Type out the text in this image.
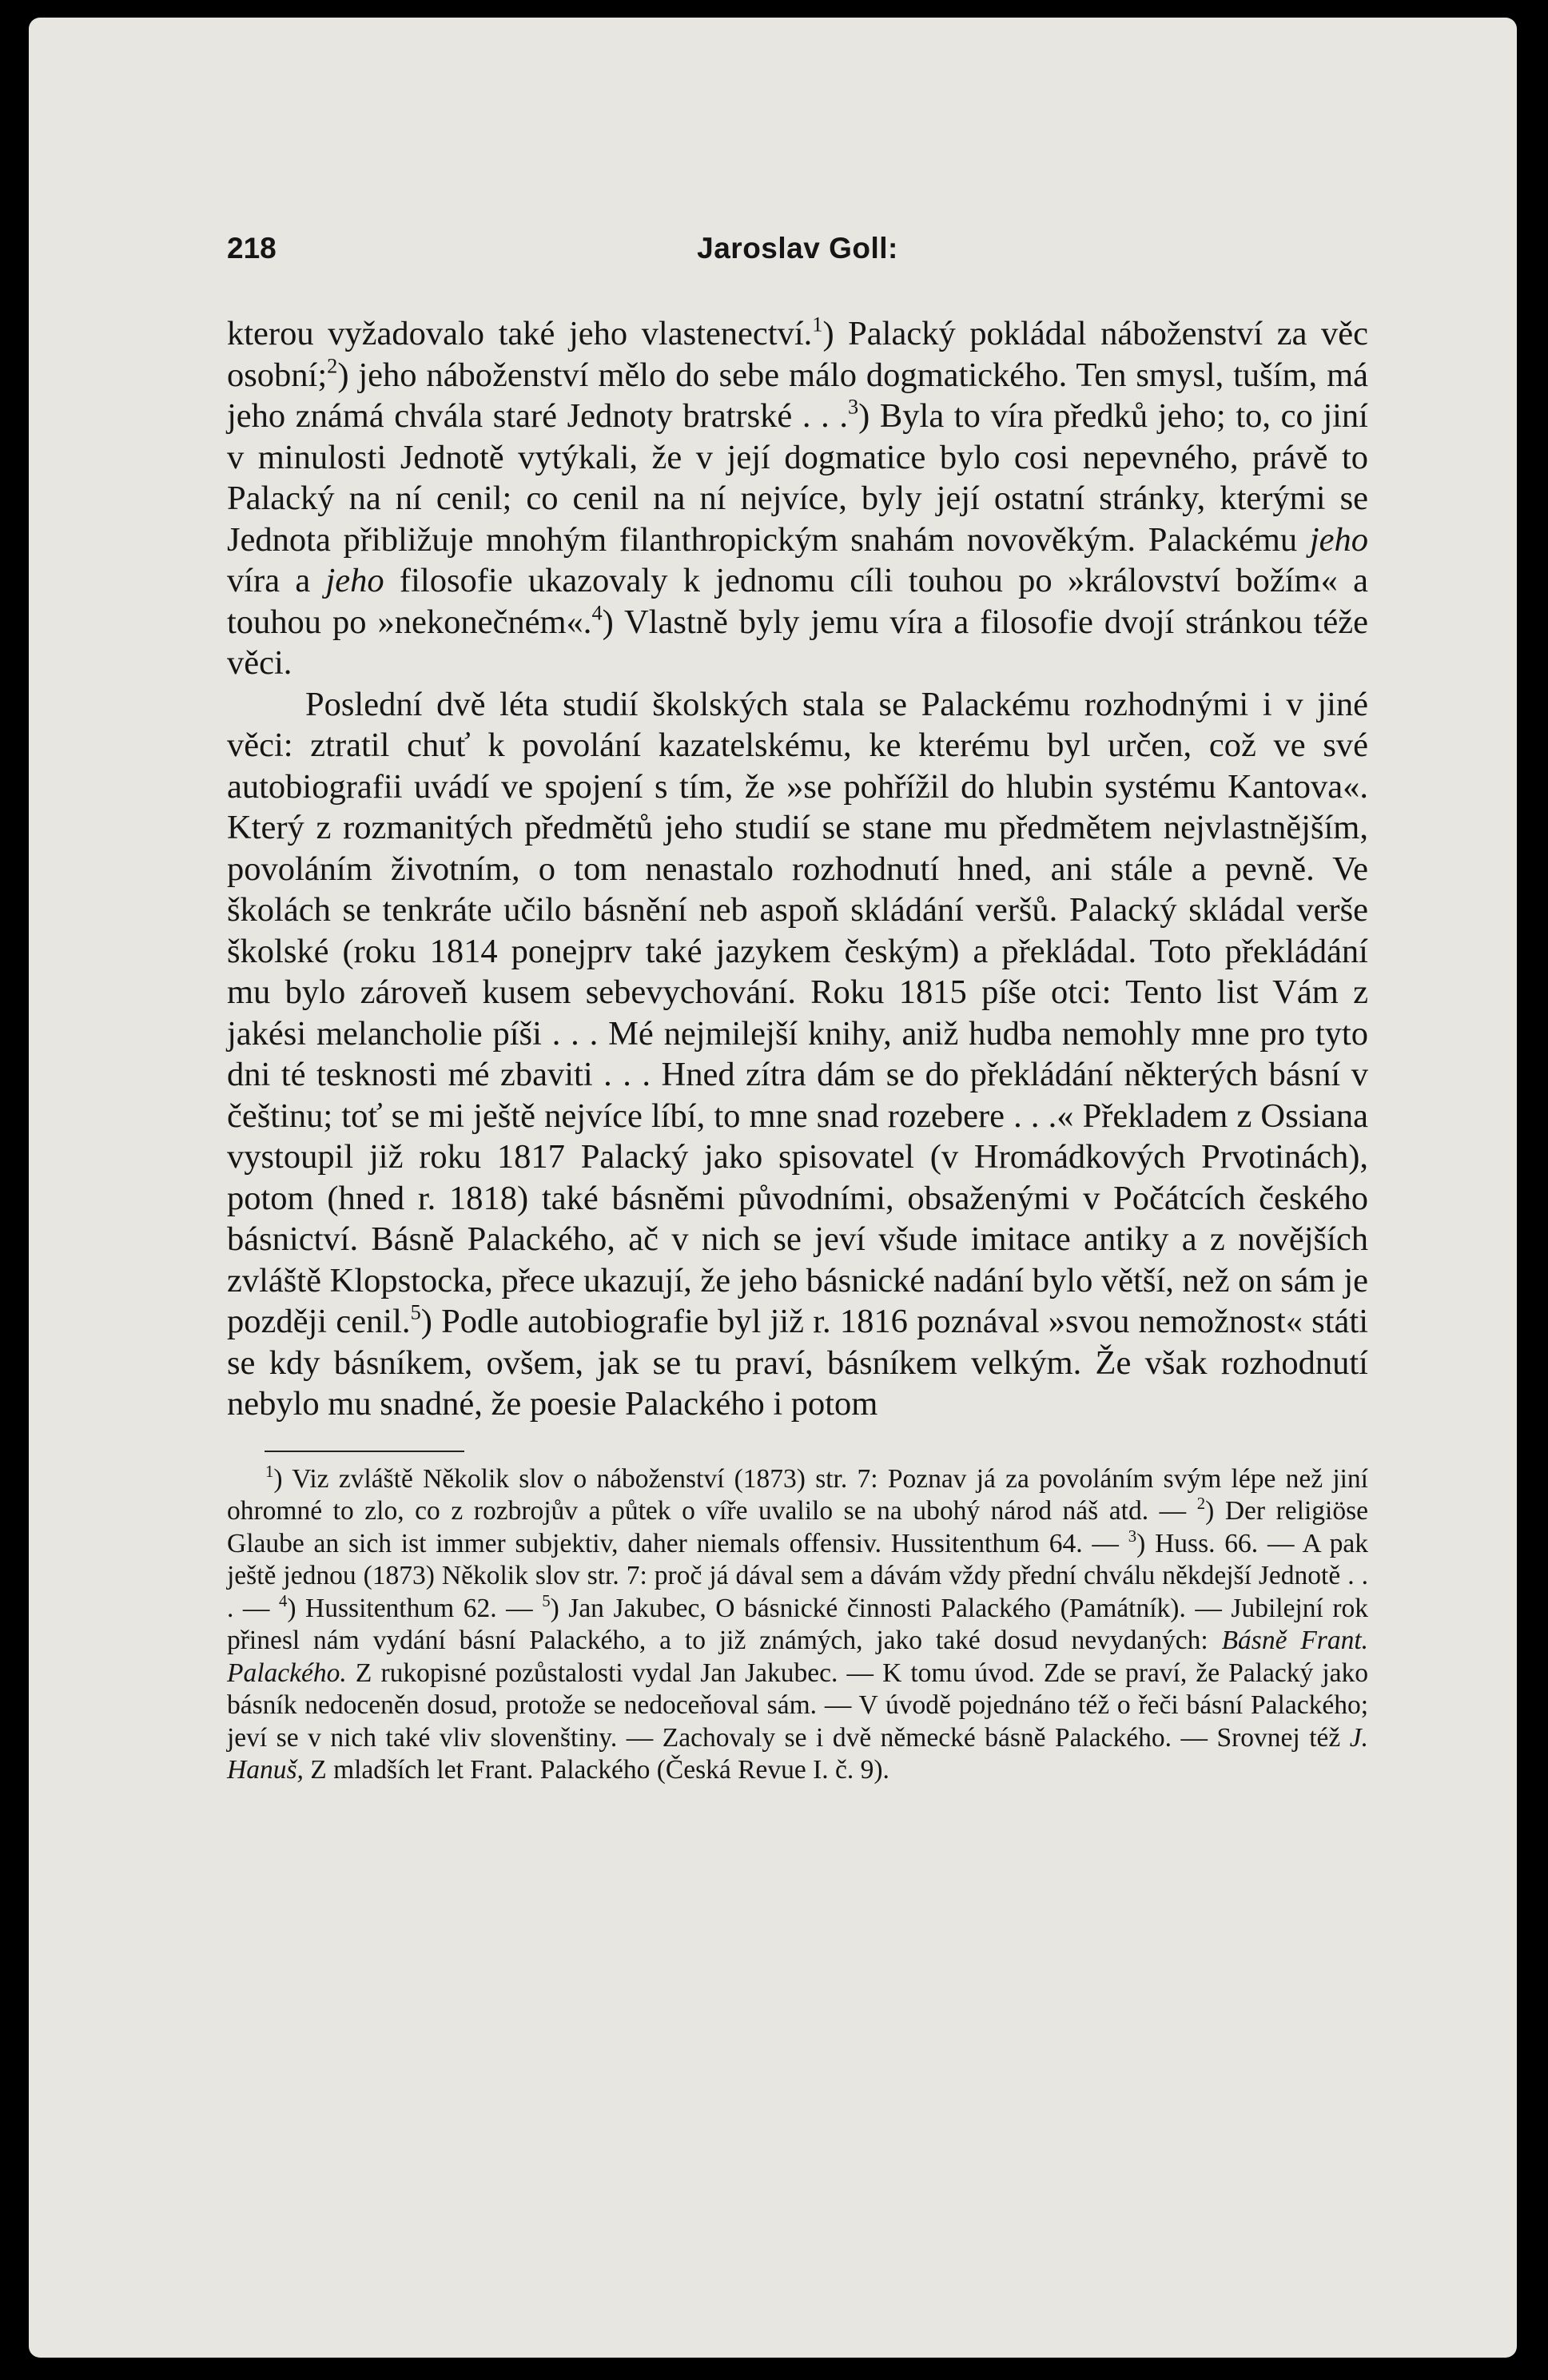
218	Jaroslav Goll:

kterou vyžadovalo také jeho vlastenectví.$^1$) Palacký pokládal náboženství za věc osobní;$^2$) jeho náboženství mělo do sebe málo dogmatického. Ten smysl, tuším, má jeho známá chvála staré Jednoty bratrské . . .$^3$) Byla to víra předků jeho; to, co jiní v minulosti Jednotě vytýkali, že v její dogmatice bylo cosi nepevného, právě to Palacký na ní cenil; co cenil na ní nejvíce, byly její ostatní stránky, kterými se Jednota přibližuje mnohým filanthropickým snahám novověkým. Palackému jeho víra a jeho filosofie ukazovaly k jednomu cíli touhou po »království božím« a touhou po »nekonečném«.$^4$) Vlastně byly jemu víra a filosofie dvojí stránkou téže věci.

Poslední dvě léta studií školských stala se Palackému rozhodnými i v jiné věci: ztratil chuť k povolání kazatelskému, ke kterému byl určen, což ve své autobiografii uvádí ve spojení s tím, že »se pohřížil do hlubin systému Kantova«. Který z rozmanitých předmětů jeho studií se stane mu předmětem nejvlastnějším, povoláním životním, o tom nenastalo rozhodnutí hned, ani stále a pevně. Ve školách se tenkráte učilo básnění neb aspoň skládání veršů. Palacký skládal verše školské (roku 1814 ponejprv také jazykem českým) a překládal. Toto překládání mu bylo zároveň kusem sebevychování. Roku 1815 píše otci: Tento list Vám z jakési melancholie píši . . . Mé nejmilejší knihy, aniž hudba nemohly mne pro tyto dni té tesknosti mé zbaviti . . . Hned zítra dám se do překládání některých básní v češtinu; toť se mi ještě nejvíce líbí, to mne snad rozebere . . .« Překladem z Ossiana vystoupil již roku 1817 Palacký jako spisovatel (v Hromádkových Prvotinách), potom (hned r. 1818) také básněmi původními, obsaženými v Počátcích českého básnictví. Básně Palackého, ač v nich se jeví všude imitace antiky a z novějších zvláště Klopstocka, přece ukazují, že jeho básnické nadání bylo větší, než on sám je později cenil.$^5$) Podle autobiografie byl již r. 1816 poznával »svou nemožnost« státi se kdy básníkem, ovšem, jak se tu praví, básníkem velkým. Že však rozhodnutí nebylo mu snadné, že poesie Palackého i potom

$^1$) Viz zvláště Několik slov o náboženství (1873) str. 7: Poznav já za povoláním svým lépe než jiní ohromné to zlo, co z rozbrojův a půtek o víře uvalilo se na ubohý národ náš atd. — $^2$) Der religiöse Glaube an sich ist immer subjektiv, daher niemals offensiv. Hussitenthum 64. — $^3$) Huss. 66. — A pak ještě jednou (1873) Několik slov str. 7: proč já dával sem a dávám vždy přední chválu někdejší Jednotě . . . — $^4$) Hussitenthum 62. — $^5$) Jan Jakubec, O básnické činnosti Palackého (Památník). — Jubilejní rok přinesl nám vydání básní Palackého, a to již známých, jako také dosud nevydaných: Básně Frant. Palackého. Z rukopisné pozůstalosti vydal Jan Jakubec. — K tomu úvod. Zde se praví, že Palacký jako básník nedoceněn dosud, protože se nedoceňoval sám. — V úvodě pojednáno též o řeči básní Palackého; jeví se v nich také vliv slovenštiny. — Zachovaly se i dvě německé básně Palackého. — Srovnej též J. Hanuš, Z mladších let Frant. Palackého (Česká Revue I. č. 9).
